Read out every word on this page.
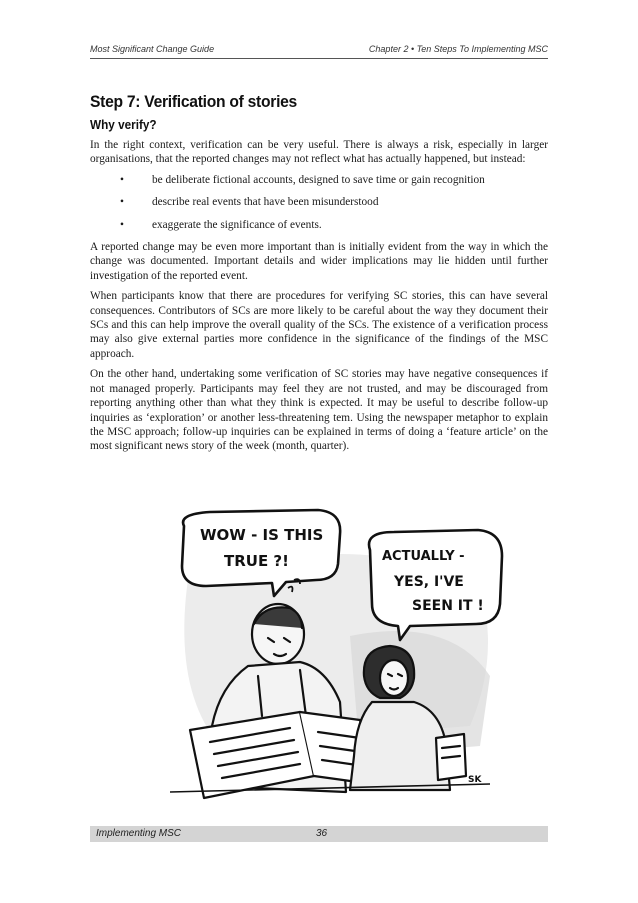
Most Significant Change Guide	Chapter 2 • Ten Steps To Implementing MSC
Step 7: Verification of stories
Why verify?

In the right context, verification can be very useful. There is always a risk, especially in larger organisations, that the reported changes may not reflect what has actually happened, but instead:

• be deliberate fictional accounts, designed to save time or gain recognition
• describe real events that have been misunderstood
• exaggerate the significance of events.

A reported change may be even more important than is initially evident from the way in which the change was documented. Important details and wider implications may lie hidden until further investigation of the reported event.

When participants know that there are procedures for verifying SC stories, this can have several consequences. Contributors of SCs are more likely to be careful about the way they document their SCs and this can help improve the overall quality of the SCs. The existence of a verification process may also give external parties more confidence in the significance of the findings of the MSC approach.

On the other hand, undertaking some verification of SC stories may have negative consequences if not managed properly. Participants may feel they are not trusted, and may be discouraged from reporting anything other than what they think is expected. It may be useful to describe follow-up inquiries as ‘exploration’ or another less-threatening tem. Using the newspaper metaphor to explain the MSC approach; follow-up inquiries can be explained in terms of doing a ‘feature article’ on the most significant news story of the week (month, quarter).

WOW - IS THIS
TRUE ?!	ACTUALLY -
YES, I'VE
SEEN IT !
SK
Implementing MSC	36
